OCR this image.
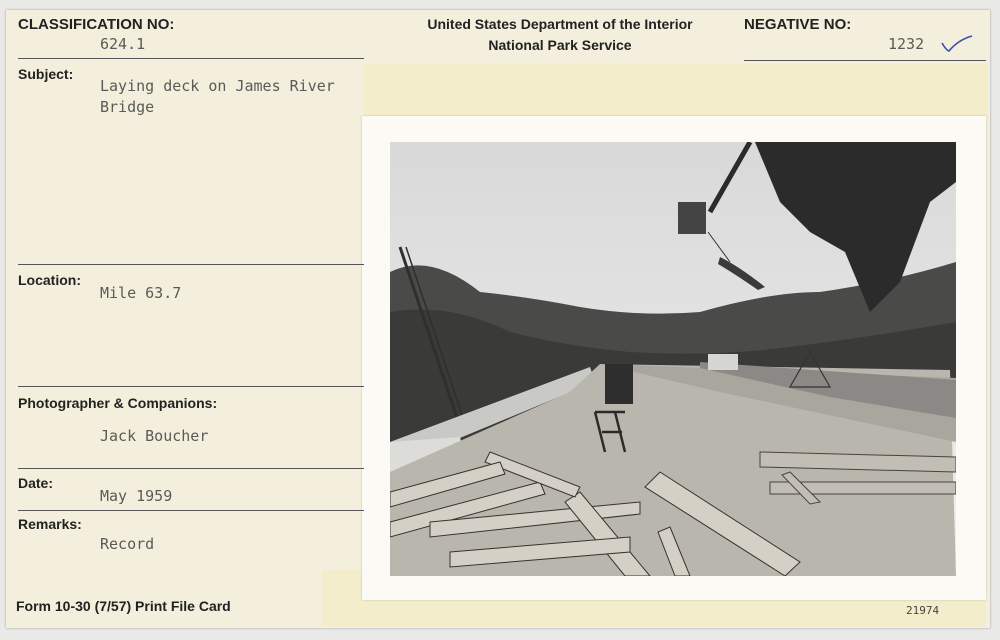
CLASSIFICATION NO:
624.1
United States Department of the Interior
National Park Service
NEGATIVE NO:
1232
Subject:
Laying deck on James River
Bridge
Location:
Mile 63.7
Photographer & Companions:
Jack Boucher
Date:
May 1959
Remarks:
Record
Form 10-30 (7/57) Print File Card	21974
